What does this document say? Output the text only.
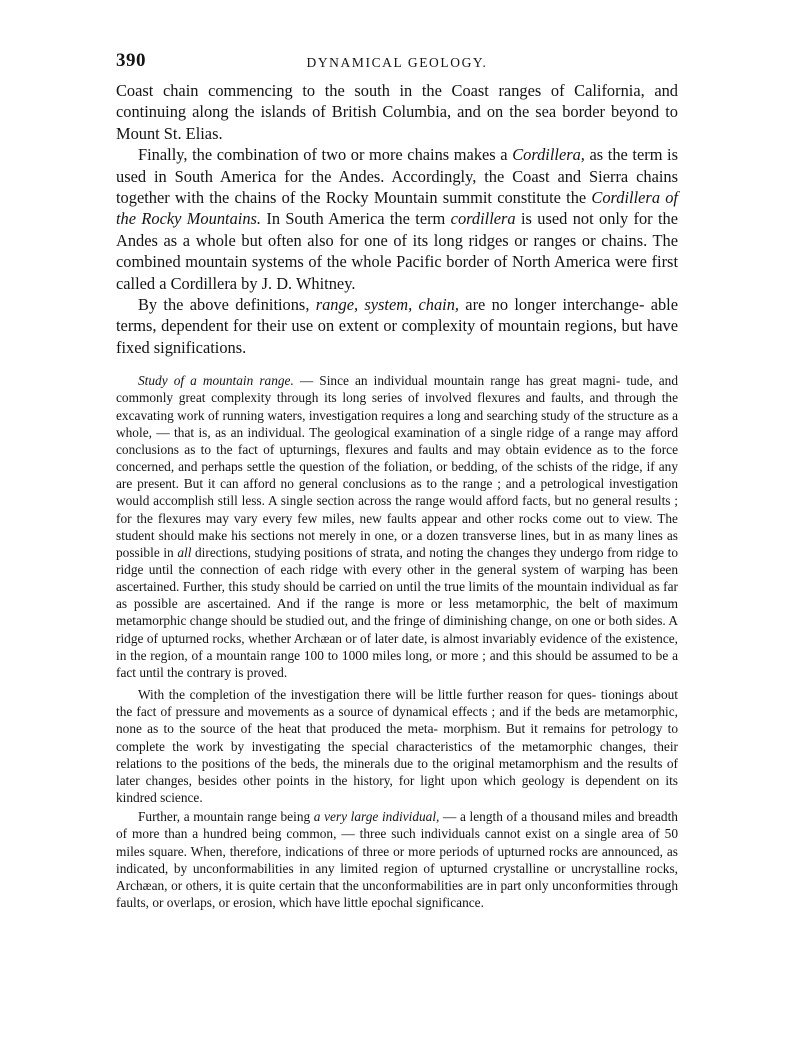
390	DYNAMICAL GEOLOGY.

Coast chain commencing to the south in the Coast ranges of California, and continuing along the islands of British Columbia, and on the sea border beyond to Mount St. Elias.

Finally, the combination of two or more chains makes a Cordillera, as the term is used in South America for the Andes. Accordingly, the Coast and Sierra chains together with the chains of the Rocky Mountain summit constitute the Cordillera of the Rocky Mountains. In South America the term cordillera is used not only for the Andes as a whole but often also for one of its long ridges or ranges or chains. The combined mountain systems of the whole Pacific border of North America were first called a Cordillera by J. D. Whitney.

By the above definitions, range, system, chain, are no longer interchange- able terms, dependent for their use on extent or complexity of mountain regions, but have fixed significations.

Study of a mountain range. — Since an individual mountain range has great magni- tude, and commonly great complexity through its long series of involved flexures and faults, and through the excavating work of running waters, investigation requires a long and searching study of the structure as a whole, — that is, as an individual. The geological examination of a single ridge of a range may afford conclusions as to the fact of upturnings, flexures and faults and may obtain evidence as to the force concerned, and perhaps settle the question of the foliation, or bedding, of the schists of the ridge, if any are present. But it can afford no general conclusions as to the range ; and a petrological investigation would accomplish still less. A single section across the range would afford facts, but no general results ; for the flexures may vary every few miles, new faults appear and other rocks come out to view. The student should make his sections not merely in one, or a dozen transverse lines, but in as many lines as possible in all directions, studying positions of strata, and noting the changes they undergo from ridge to ridge until the connection of each ridge with every other in the general system of warping has been ascertained. Further, this study should be carried on until the true limits of the mountain individual as far as possible are ascertained. And if the range is more or less metamorphic, the belt of maximum metamorphic change should be studied out, and the fringe of diminishing change, on one or both sides. A ridge of upturned rocks, whether Archæan or of later date, is almost invariably evidence of the existence, in the region, of a mountain range 100 to 1000 miles long, or more ; and this should be assumed to be a fact until the contrary is proved.

With the completion of the investigation there will be little further reason for ques- tionings about the fact of pressure and movements as a source of dynamical effects ; and if the beds are metamorphic, none as to the source of the heat that produced the meta- morphism. But it remains for petrology to complete the work by investigating the special characteristics of the metamorphic changes, their relations to the positions of the beds, the minerals due to the original metamorphism and the results of later changes, besides other points in the history, for light upon which geology is dependent on its kindred science.

Further, a mountain range being a very large individual, — a length of a thousand miles and breadth of more than a hundred being common, — three such individuals cannot exist on a single area of 50 miles square. When, therefore, indications of three or more periods of upturned rocks are announced, as indicated, by unconformabilities in any limited region of upturned crystalline or uncrystalline rocks, Archæan, or others, it is quite certain that the unconformabilities are in part only unconformities through faults, or overlaps, or erosion, which have little epochal significance.
